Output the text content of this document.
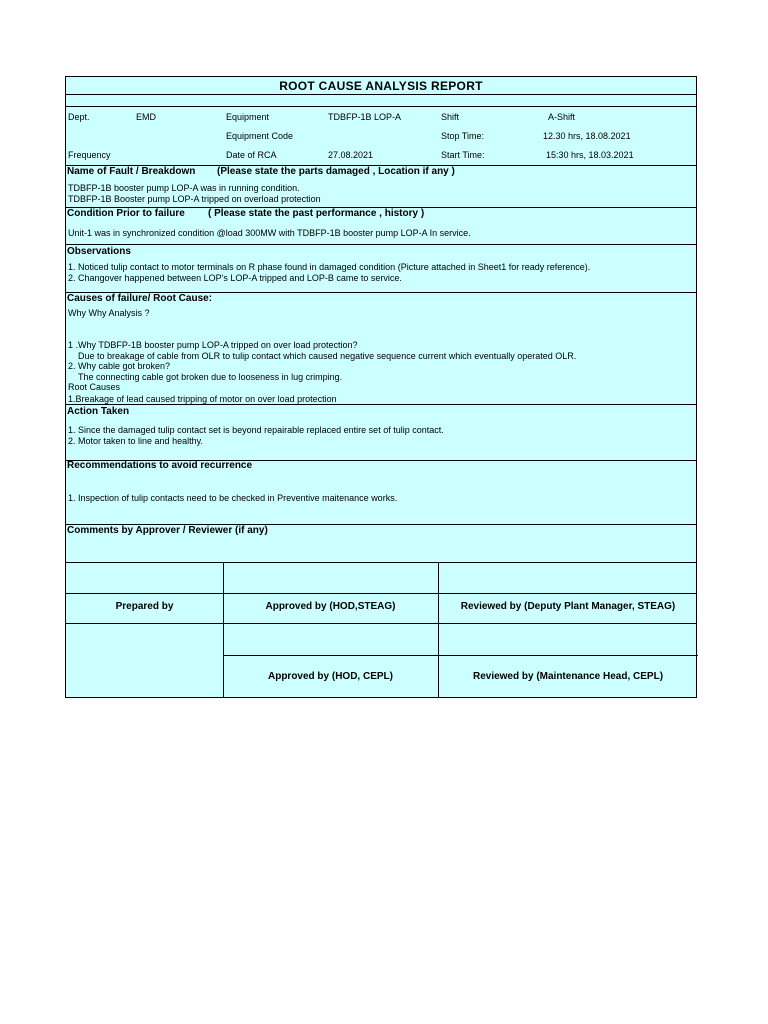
ROOT CAUSE ANALYSIS REPORT
Dept.	EMD	Equipment	TDBFP-1B LOP-A	Shift	A-Shift
Equipment Code	Stop Time:	12.30 hrs, 18.08.2021
Frequency	Date of RCA	27.08.2021	Start Time:	15:30 hrs, 18.03.2021
Name of Fault / Breakdown (Please state the parts damaged , Location if any )
TDBFP-1B booster pump LOP-A was in running condition.
TDBFP-1B Booster pump LOP-A tripped on overload protection
Condition Prior to failure ( Please state the past performance , history )
Unit-1 was in synchronized condition @load 300MW with TDBFP-1B booster pump LOP-A In service.
Observations
1. Noticed tulip contact to motor terminals on R phase found in damaged condition (Picture attached in Sheet1 for ready reference).
2. Changover happened between LOP's LOP-A tripped and LOP-B came to service.
Causes of failure/ Root Cause:
Why Why Analysis ?
1 .Why TDBFP-1B booster pump LOP-A tripped on over load protection?
Due to breakage of cable from OLR to tulip contact which caused negative sequence current which eventually operated OLR.
2. Why cable got broken?
The connecting cable got broken due to looseness in lug crimping.
Root Causes
1.Breakage of lead caused tripping of motor on over load protection
Action Taken
1. Since the damaged tulip contact set is beyond repairable replaced entire set of tulip contact.
2. Motor taken to line and healthy.
Recommendations to avoid recurrence
1. Inspection of tulip contacts need to be checked in Preventive maitenance works.
Comments by Approver / Reviewer (if any)
Prepared by	Approved by (HOD,STEAG)	Reviewed by (Deputy Plant Manager, STEAG)
Approved by (HOD, CEPL)	Reviewed by (Maintenance Head, CEPL)
